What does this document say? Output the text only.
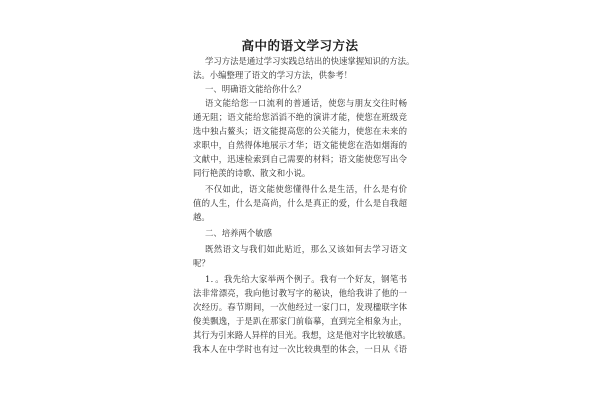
高中的语文学习方法
学习方法是通过学习实践总结出的快速掌握知识的方法。
法。小编整理了语文的学习方法，供参考！
一、明确语文能给你什么？
语文能给您一口流利的普通话，使您与朋友交往时畅
通无阻；语文能给您滔滔不绝的演讲才能，使您在班级竞
选中独占鳌头；语文能提高您的公关能力，使您在未来的
求职中，自然得体地展示才华；语文能使您在浩如烟海的
文献中，迅速检索到自己需要的材料；语文能使您写出令
同行艳羡的诗歌、散文和小说。
不仅如此，语文能使您懂得什么是生活，什么是有价
值的人生，什么是高尚，什么是真正的爱，什么是自我超
越。
二、培养两个敏感
既然语文与我们如此贴近，那么又该如何去学习语文
呢？
1．。我先给大家举两个例子。我有一个好友，钢笔书
法非常漂亮，我向他讨教写字的秘诀，他给我讲了他的一
次经历。春节期间，一次他经过一家门口，发现楹联字体
俊美飘逸，于是趴在那家门前临摹，直到完全相象为止，
其行为引来路人异样的目光。我想，这是他对字比较敏感。
我本人在中学时也有过一次比较典型的体会，一日从《语
